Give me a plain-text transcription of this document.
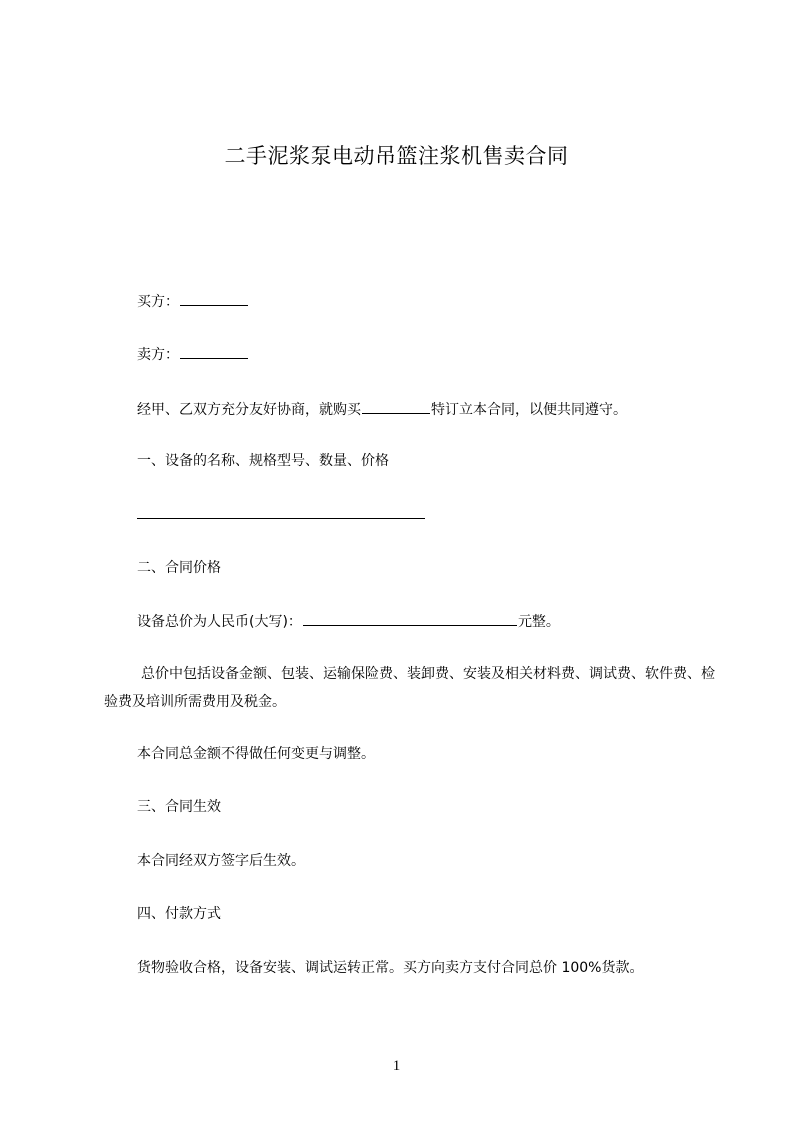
二手泥浆泵电动吊篮注浆机售卖合同
买方：
卖方：
经甲、乙双方充分友好协商，就购买	特订立本合同，以便共同遵守。
一、设备的名称、规格型号、数量、价格
二、合同价格
设备总价为人民币(大写)：	元整。
总价中包括设备金额、包装、运输保险费、装卸费、安装及相关材料费、调试费、软件费、检验费及培训所需费用及税金。
本合同总金额不得做任何变更与调整。
三、合同生效
本合同经双方签字后生效。
四、付款方式
货物验收合格，设备安装、调试运转正常。买方向卖方支付合同总价 100%货款。
1
